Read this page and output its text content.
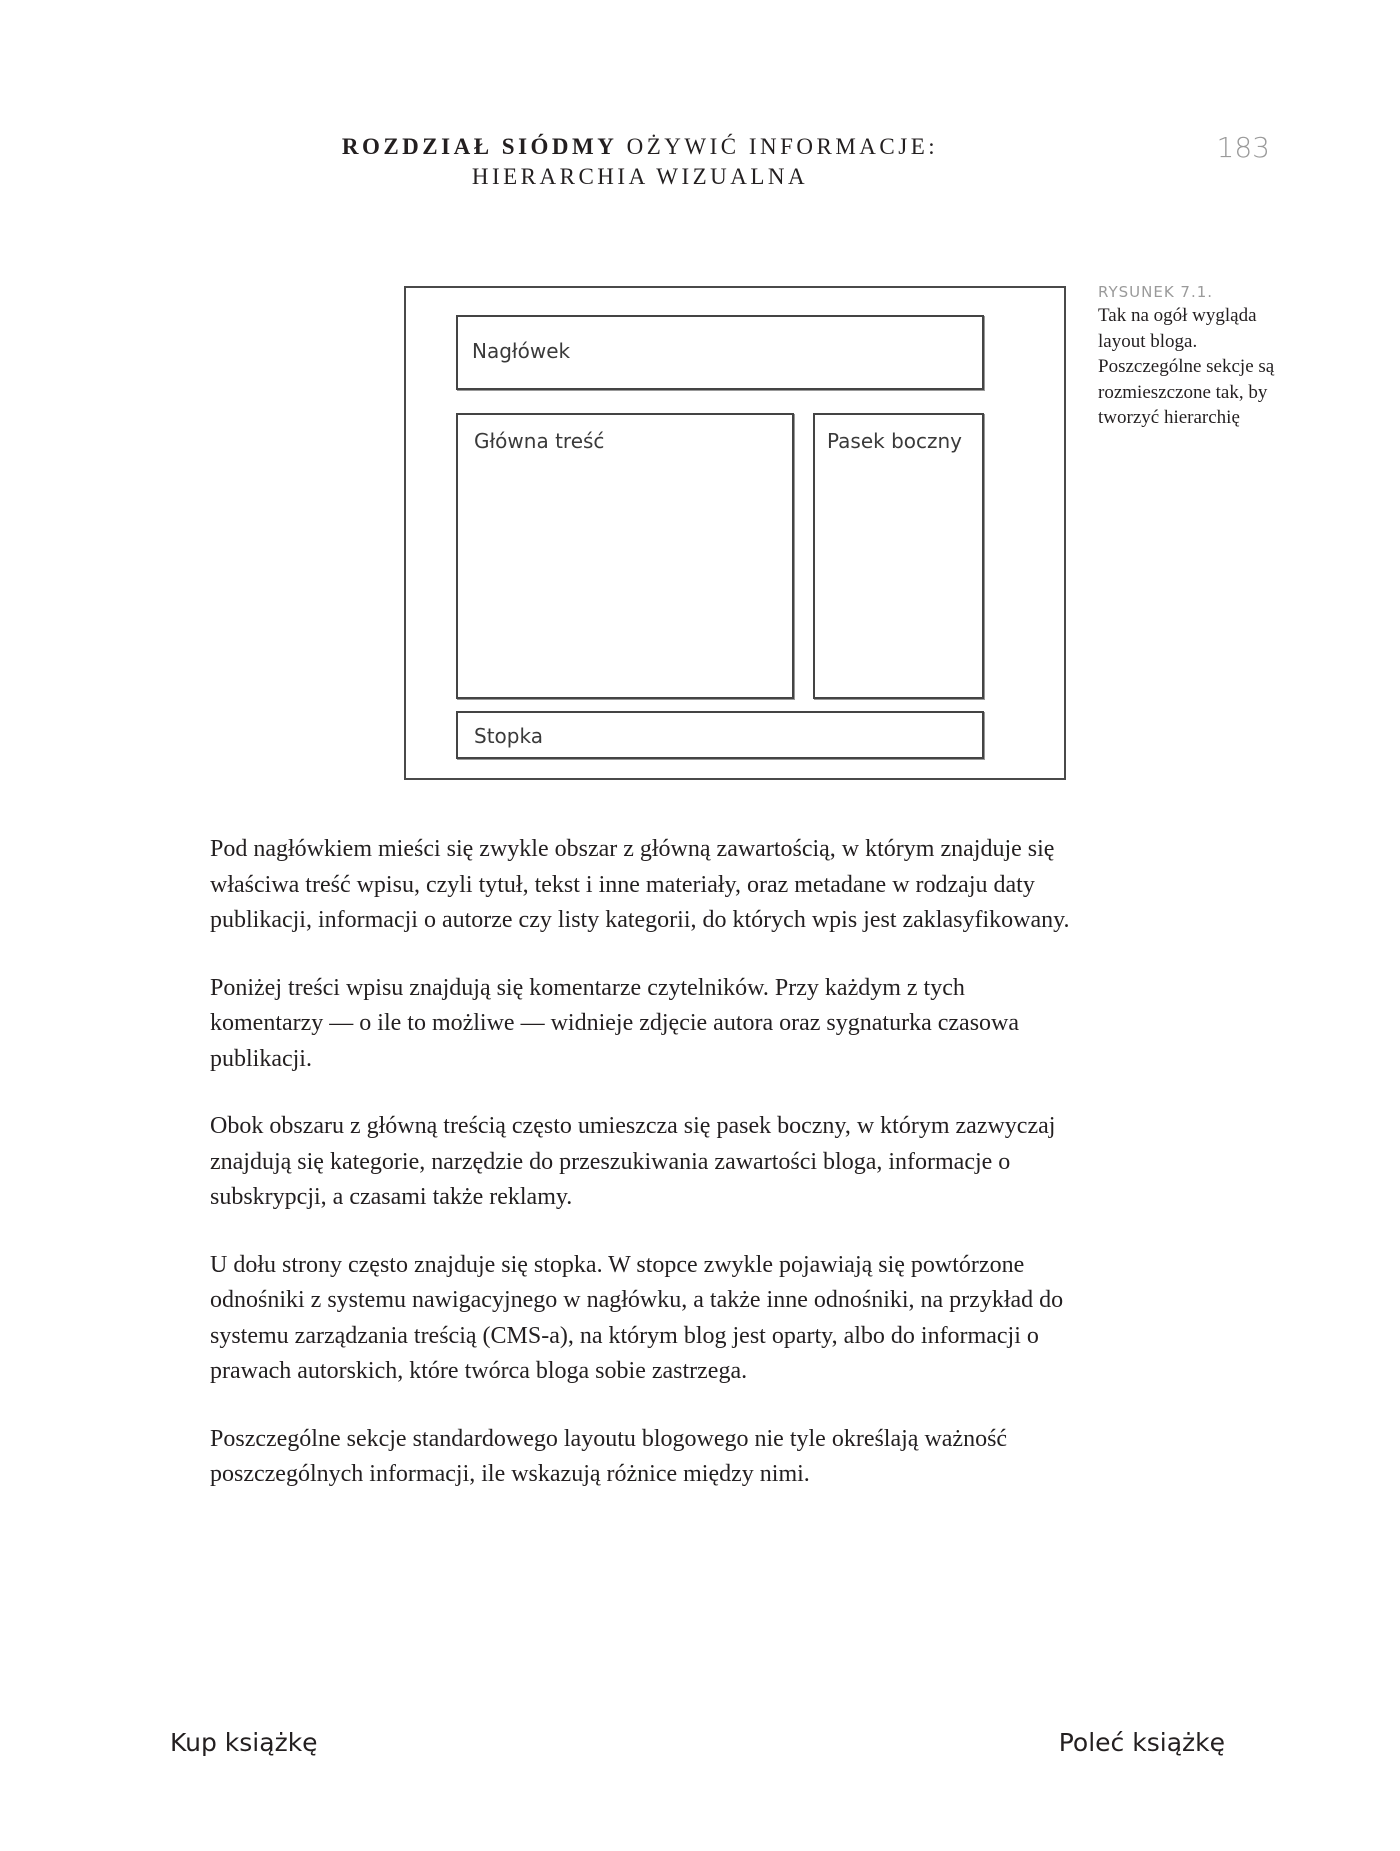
ROZDZIAŁ SIÓDMY OŻYWIĆ INFORMACJE:
HIERARCHIA WIZUALNA
183
Nagłówek
Główna treść	Pasek boczny
Stopka
RYSUNEK 7.1.
Tak na ogół wygląda layout bloga. Poszczególne sekcje są rozmieszczone tak, by tworzyć hierarchię

Pod nagłówkiem mieści się zwykle obszar z główną zawartością, w którym znajduje się właściwa treść wpisu, czyli tytuł, tekst i inne materiały, oraz metadane w rodzaju daty publikacji, informacji o autorze czy listy kategorii, do których wpis jest zaklasyfikowany.

Poniżej treści wpisu znajdują się komentarze czytelników. Przy każdym z tych komentarzy — o ile to możliwe — widnieje zdjęcie autora oraz sygnaturka czasowa publikacji.

Obok obszaru z główną treścią często umieszcza się pasek boczny, w którym zazwyczaj znajdują się kategorie, narzędzie do przeszukiwania zawartości bloga, informacje o subskrypcji, a czasami także reklamy.

U dołu strony często znajduje się stopka. W stopce zwykle pojawiają się powtórzone odnośniki z systemu nawigacyjnego w nagłówku, a także inne odnośniki, na przykład do systemu zarządzania treścią (CMS-a), na którym blog jest oparty, albo do informacji o prawach autorskich, które twórca bloga sobie zastrzega.

Poszczególne sekcje standardowego layoutu blogowego nie tyle określają ważność poszczególnych informacji, ile wskazują różnice między nimi.

Kup książkę	Poleć książkę
